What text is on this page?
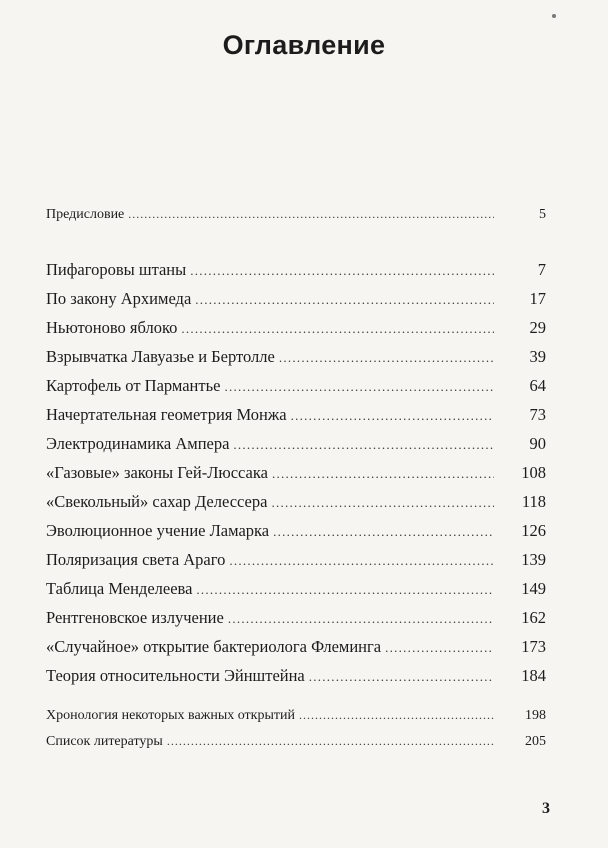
Оглавление
Предисловие . . .	5
Пифагоровы штаны . . .	7
По закону Архимеда . . .	17
Ньютоново яблоко . . .	29
Взрывчатка Лавуазье и Бертолле . . .	39
Картофель от Пармантье . . .	64
Начертательная геометрия Монжа . . .	73
Электродинамика Ампера . . .	90
«Газовые» законы Гей-Люссака . . .	108
«Свекольный» сахар Делессера . . .	118
Эволюционное учение Ламарка . . .	126
Поляризация света Араго . . .	139
Таблица Менделеева . . .	149
Рентгеновское излучение . . .	162
«Случайное» открытие бактериолога Флеминга . . .	173
Теория относительности Эйнштейна . . .	184
Хронология некоторых важных открытий . . .	198
Список литературы . . .	205
3
